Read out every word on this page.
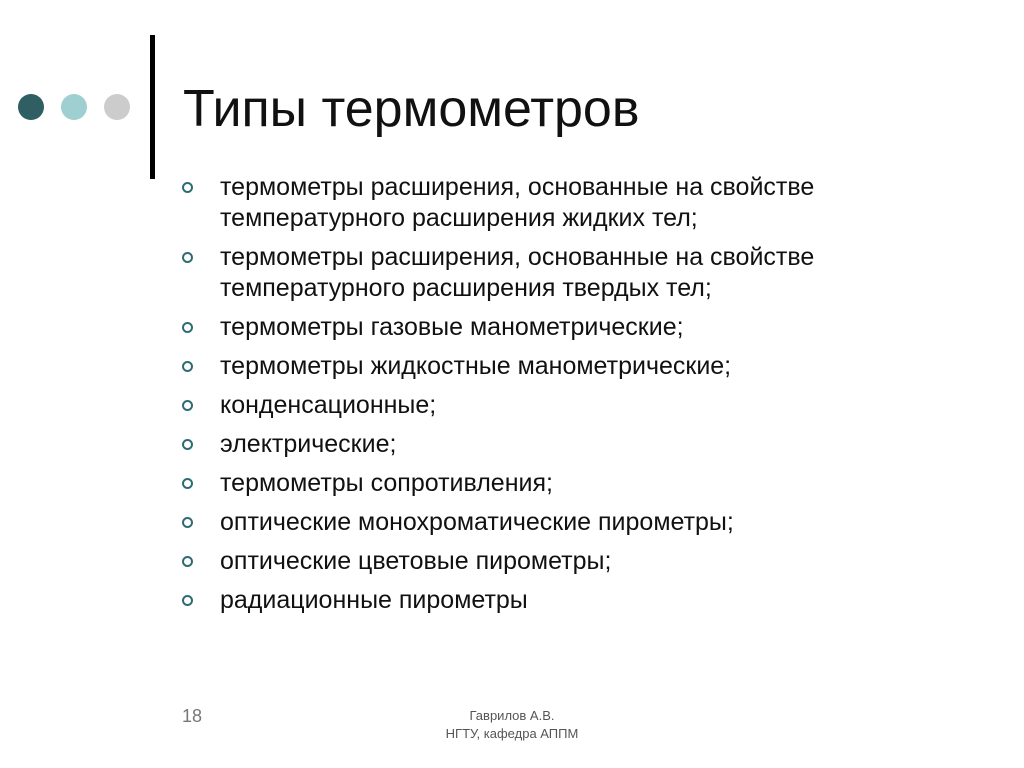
Типы термометров
термометры расширения, основанные на свойстве температурного расширения жидких тел;
термометры расширения, основанные на свойстве температурного расширения твердых тел;
термометры газовые манометрические;
термометры жидкостные манометрические;
конденсационные;
электрические;
термометры сопротивления;
оптические монохроматические пирометры;
оптические цветовые пирометры;
радиационные пирометры
18	Гаврилов А.В.
НГТУ, кафедра АППМ
